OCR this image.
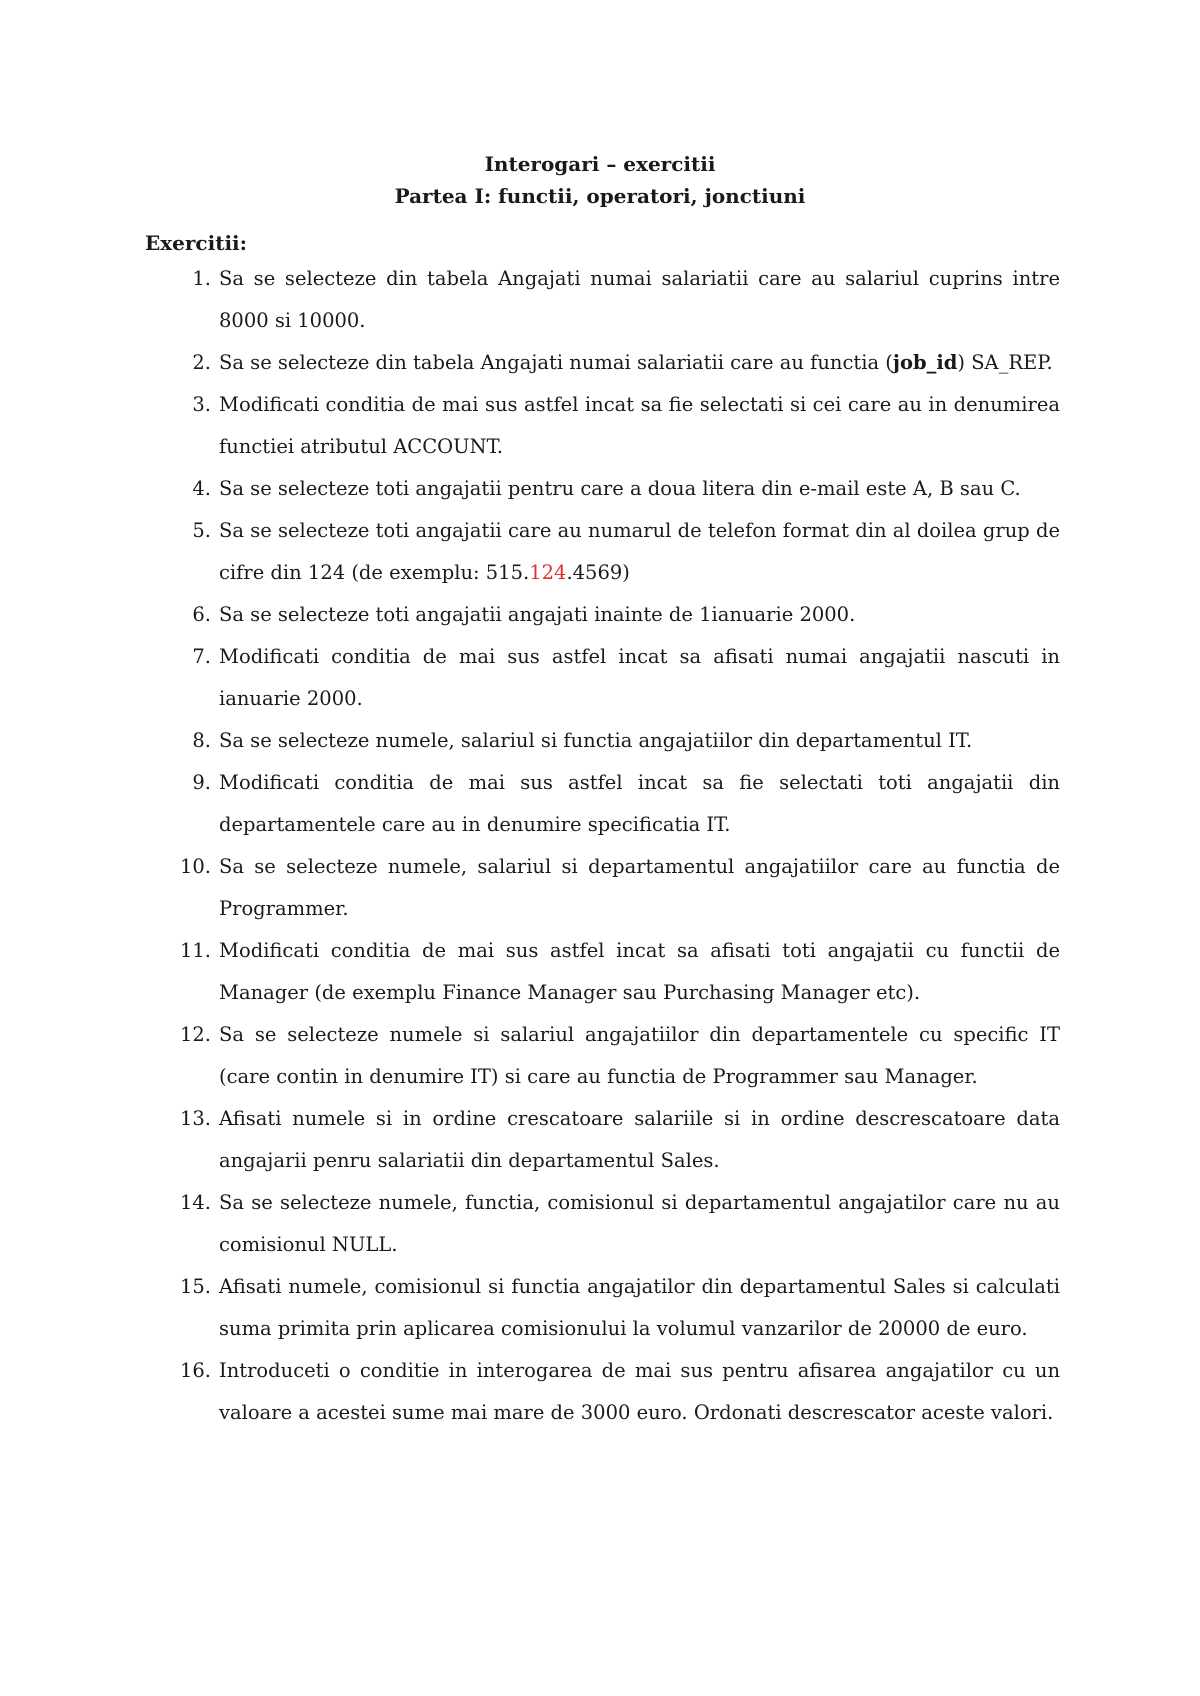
Interogari – exercitii
Partea I: functii, operatori, jonctiuni
Exercitii:
1. Sa se selecteze din tabela Angajati numai salariatii care au salariul cuprins intre 8000 si 10000.
2. Sa se selecteze din tabela Angajati numai salariatii care au functia (job_id) SA_REP.
3. Modificati conditia de mai sus astfel incat sa fie selectati si cei care au in denumirea functiei atributul ACCOUNT.
4. Sa se selecteze toti angajatii pentru care a doua litera din e-mail este A, B sau C.
5. Sa se selecteze toti angajatii care au numarul de telefon format din al doilea grup de cifre din 124 (de exemplu: 515.124.4569)
6. Sa se selecteze toti angajatii angajati inainte de 1ianuarie 2000.
7. Modificati conditia de mai sus astfel incat sa afisati numai angajatii nascuti in ianuarie 2000.
8. Sa se selecteze numele, salariul si functia angajatiilor din departamentul IT.
9. Modificati conditia de mai sus astfel incat sa fie selectati toti angajatii din departamentele care au in denumire specificatia IT.
10. Sa se selecteze numele, salariul si departamentul angajatiilor care au functia de Programmer.
11. Modificati conditia de mai sus astfel incat sa afisati toti angajatii cu functii de Manager (de exemplu Finance Manager sau Purchasing Manager etc).
12. Sa se selecteze numele si salariul angajatiilor din departamentele cu specific IT (care contin in denumire IT) si care au functia de Programmer sau Manager.
13. Afisati numele si in ordine crescatoare salariile si in ordine descrescatoare data angajarii penru salariatii din departamentul Sales.
14. Sa se selecteze numele, functia, comisionul si departamentul angajatilor care nu au comisionul NULL.
15. Afisati numele, comisionul si functia angajatilor din departamentul Sales si calculati suma primita prin aplicarea comisionului la volumul vanzarilor de 20000 de euro.
16. Introduceti o conditie in interogarea de mai sus pentru afisarea angajatilor cu un valoare a acestei sume mai mare de 3000 euro. Ordonati descrescator aceste valori.
